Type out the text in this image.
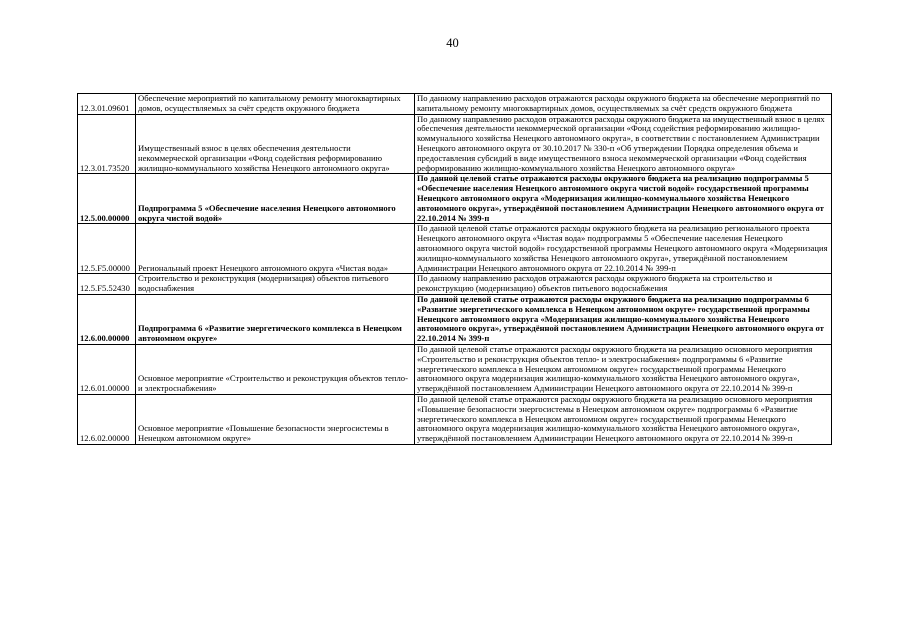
40
12.3.01.09601	Обеспечение мероприятий по капитальному ремонту многоквартирных домов, осуществляемых за счёт средств окружного бюджета	По данному направлению расходов отражаются расходы окружного бюджета на обеспечение мероприятий по капитальному ремонту многоквартирных домов, осуществляемых за счёт средств окружного бюджета
12.3.01.73520	Имущественный взнос в целях обеспечения деятельности некоммерческой организации «Фонд содействия реформированию жилищно-коммунального хозяйства Ненецкого автономного округа»	По данному направлению расходов отражаются расходы окружного бюджета на имущественный взнос в целях обеспечения деятельности некоммерческой организации «Фонд содействия реформированию жилищно-коммунального хозяйства Ненецкого автономного округа», в соответствии с постановлением Администрации Ненецкого автономного округа от 30.10.2017 № 330-п «Об утверждении Порядка определения объема и предоставления субсидий в виде имущественного взноса некоммерческой организации «Фонд содействия реформированию жилищно-коммунального хозяйства Ненецкого автономного округа»
12.5.00.00000	Подпрограмма 5 «Обеспечение населения Ненецкого автономного округа чистой водой»	По данной целевой статье отражаются расходы окружного бюджета на реализацию подпрограммы 5 «Обеспечение населения Ненецкого автономного округа чистой водой» государственной программы Ненецкого автономного округа «Модернизация жилищно-коммунального хозяйства Ненецкого автономного округа», утверждённой постановлением Администрации Ненецкого автономного округа от 22.10.2014 № 399-п
12.5.F5.00000	Региональный проект Ненецкого автономного округа «Чистая вода»	По данной целевой статье отражаются расходы окружного бюджета на реализацию регионального проекта Ненецкого автономного округа «Чистая вода» подпрограммы 5 «Обеспечение населения Ненецкого автономного округа чистой водой» государственной программы Ненецкого автономного округа «Модернизация жилищно-коммунального хозяйства Ненецкого автономного округа», утверждённой постановлением Администрации Ненецкого автономного округа от 22.10.2014 № 399-п
12.5.F5.52430	Строительство и реконструкция (модернизация) объектов питьевого водоснабжения	По данному направлению расходов отражаются расходы окружного бюджета на строительство и реконструкцию (модернизацию) объектов питьевого водоснабжения
12.6.00.00000	Подпрограмма 6 «Развитие энергетического комплекса в Ненецком автономном округе»	По данной целевой статье отражаются расходы окружного бюджета на реализацию подпрограммы 6 «Развитие энергетического комплекса в Ненецком автономном округе» государственной программы Ненецкого автономного округа «Модернизация жилищно-коммунального хозяйства Ненецкого автономного округа», утверждённой постановлением Администрации Ненецкого автономного округа от 22.10.2014 № 399-п
12.6.01.00000	Основное мероприятие «Строительство и реконструкция объектов тепло- и электроснабжения»	По данной целевой статье отражаются расходы окружного бюджета на реализацию основного мероприятия «Строительство и реконструкция объектов тепло- и электроснабжения» подпрограммы 6 «Развитие энергетического комплекса в Ненецком автономном округе» государственной программы Ненецкого автономного округа модернизация жилищно-коммунального хозяйства Ненецкого автономного округа», утверждённой постановлением Администрации Ненецкого автономного округа от 22.10.2014 № 399-п
12.6.02.00000	Основное мероприятие «Повышение безопасности энергосистемы в Ненецком автономном округе»	По данной целевой статье отражаются расходы окружного бюджета на реализацию основного мероприятия «Повышение безопасности энергосистемы в Ненецком автономном округе» подпрограммы 6 «Развитие энергетического комплекса в Ненецком автономном округе» государственной программы Ненецкого автономного округа модернизация жилищно-коммунального хозяйства Ненецкого автономного округа», утверждённой постановлением Администрации Ненецкого автономного округа от 22.10.2014 № 399-п
